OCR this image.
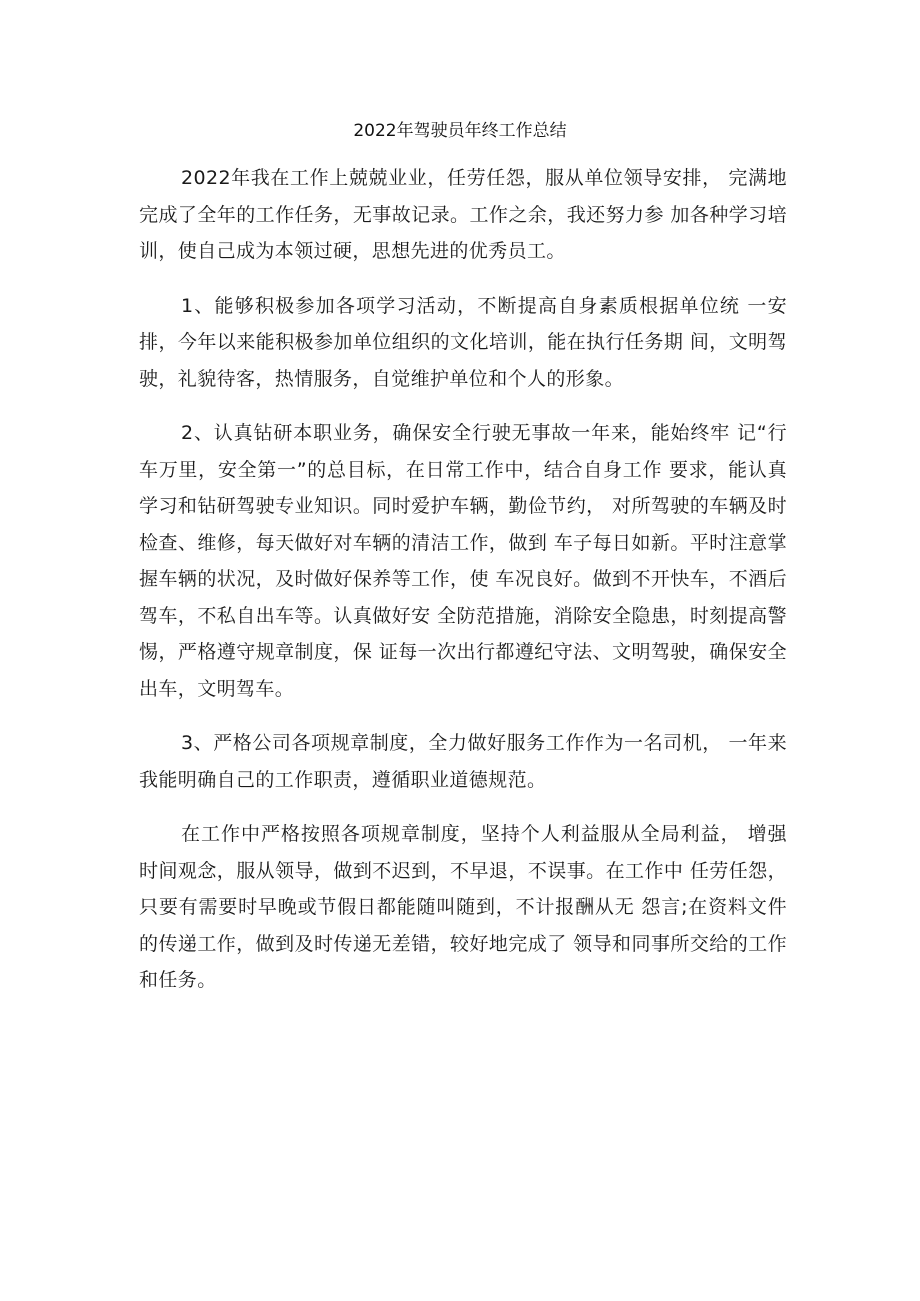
2022年驾驶员年终工作总结

2022年我在工作上兢兢业业，任劳任怨，服从单位领导安排， 完满地完成了全年的工作任务，无事故记录。工作之余，我还努力参 加各种学习培训，使自己成为本领过硬，思想先进的优秀员工。

1、能够积极参加各项学习活动，不断提高自身素质根据单位统 一安排，今年以来能积极参加单位组织的文化培训，能在执行任务期 间，文明驾驶，礼貌待客，热情服务，自觉维护单位和个人的形象。

2、认真钻研本职业务，确保安全行驶无事故一年来，能始终牢 记“行车万里，安全第一”的总目标，在日常工作中，结合自身工作 要求，能认真学习和钻研驾驶专业知识。同时爱护车辆，勤俭节约， 对所驾驶的车辆及时检查、维修，每天做好对车辆的清洁工作，做到 车子每日如新。平时注意掌握车辆的状况，及时做好保养等工作，使 车况良好。做到不开快车，不酒后驾车，不私自出车等。认真做好安 全防范措施，消除安全隐患，时刻提高警惕，严格遵守规章制度，保 证每一次出行都遵纪守法、文明驾驶，确保安全出车，文明驾车。

3、严格公司各项规章制度，全力做好服务工作作为一名司机， 一年来我能明确自己的工作职责，遵循职业道德规范。

在工作中严格按照各项规章制度，坚持个人利益服从全局利益， 增强时间观念，服从领导，做到不迟到，不早退，不误事。在工作中 任劳任怨，只要有需要时早晚或节假日都能随叫随到，不计报酬从无 怨言;在资料文件的传递工作，做到及时传递无差错，较好地完成了 领导和同事所交给的工作和任务。
